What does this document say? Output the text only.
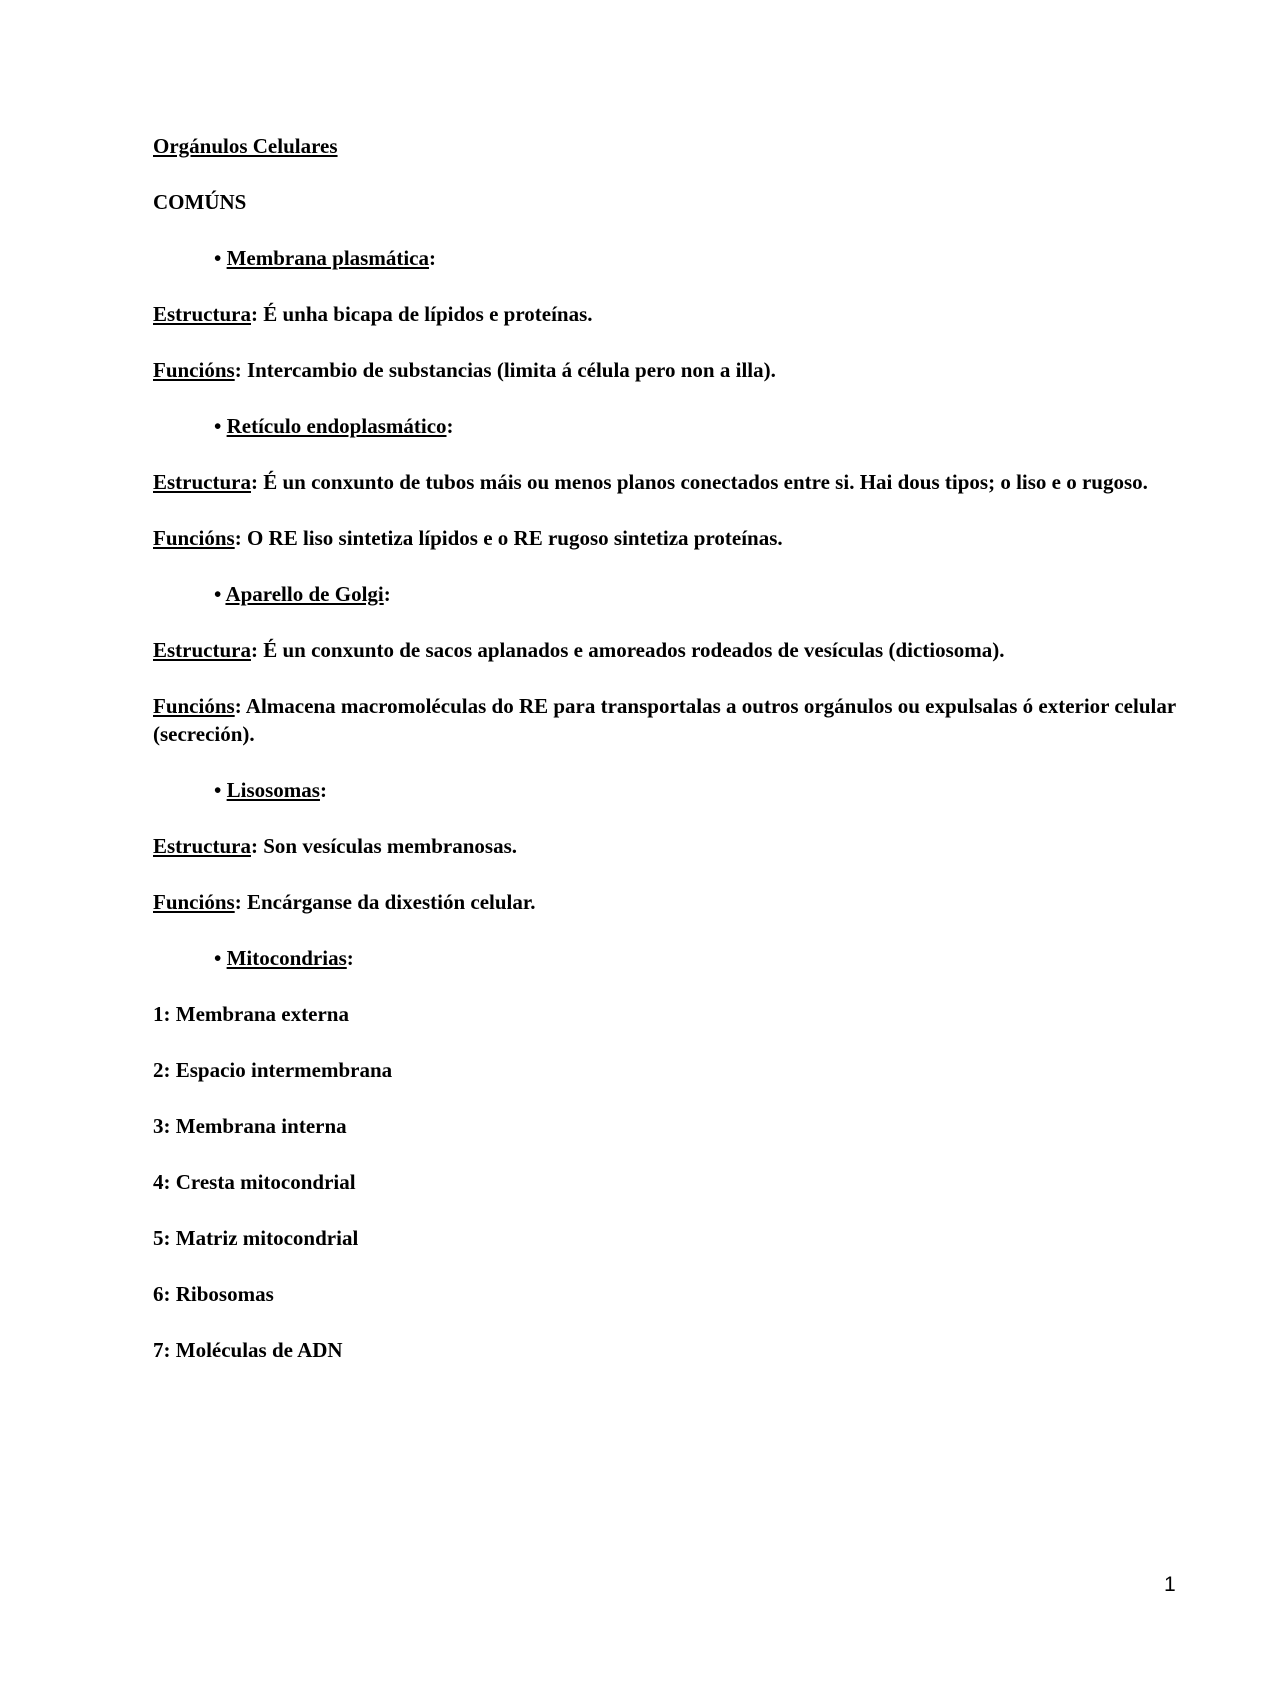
Orgánulos Celulares

COMÚNS

• Membrana plasmática:

Estructura: É unha bicapa de lípidos e proteínas.

Funcións: Intercambio de substancias (limita á célula pero non a illa).

• Retículo endoplasmático:

Estructura: É un conxunto de tubos máis ou menos planos conectados entre si. Hai dous tipos; o liso e o rugoso.

Funcións: O RE liso sintetiza lípidos e o RE rugoso sintetiza proteínas.

• Aparello de Golgi:

Estructura: É un conxunto de sacos aplanados e amoreados rodeados de vesículas (dictiosoma).

Funcións: Almacena macromoléculas do RE para transportalas a outros orgánulos ou expulsalas ó exterior celular (secreción).

• Lisosomas:

Estructura: Son vesículas membranosas.

Funcións: Encárganse da dixestión celular.

• Mitocondrias:

1: Membrana externa

2: Espacio intermembrana

3: Membrana interna

4: Cresta mitocondrial

5: Matriz mitocondrial

6: Ribosomas

7: Moléculas de ADN

1
